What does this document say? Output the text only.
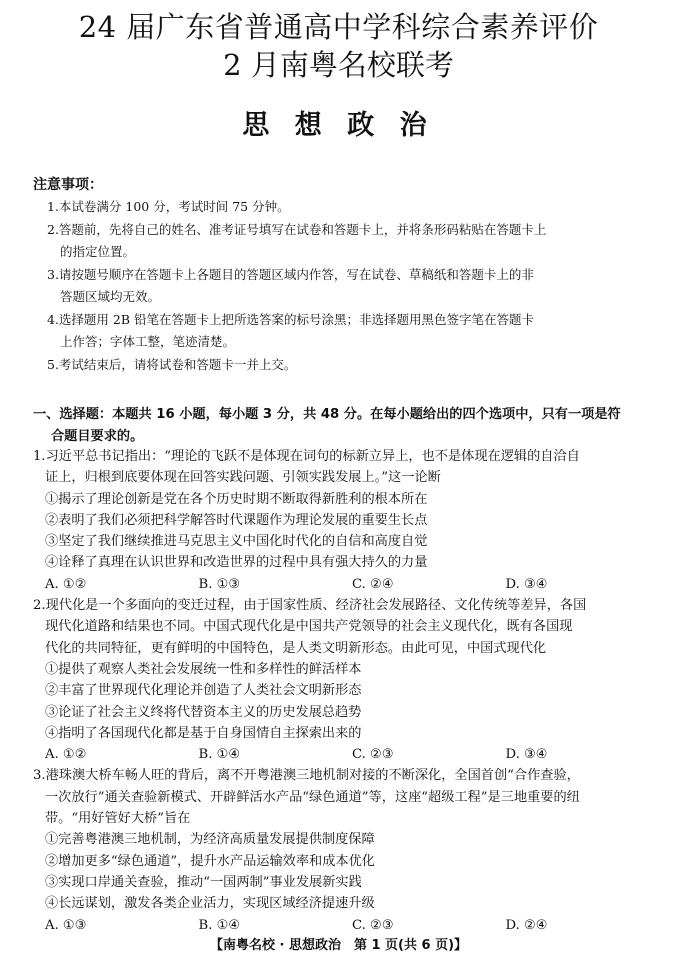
24 届广东省普通高中学科综合素养评价
2 月南粤名校联考
思 想 政 治
注意事项：
1.本试卷满分 100 分，考试时间 75 分钟。
2.答题前，先将自己的姓名、准考证号填写在试卷和答题卡上，并将条形码粘贴在答题卡上
的指定位置。
3.请按题号顺序在答题卡上各题目的答题区域内作答，写在试卷、草稿纸和答题卡上的非
答题区域均无效。
4.选择题用 2B 铅笔在答题卡上把所选答案的标号涂黑；非选择题用黑色签字笔在答题卡
上作答；字体工整，笔迹清楚。
5.考试结束后，请将试卷和答题卡一并上交。
一、选择题：本题共 16 小题，每小题 3 分，共 48 分。在每小题给出的四个选项中，只有一项是符
合题目要求的。
1.习近平总书记指出：“理论的飞跃不是体现在词句的标新立异上，也不是体现在逻辑的自洽自
证上，归根到底要体现在回答实践问题、引领实践发展上。”这一论断
①揭示了理论创新是党在各个历史时期不断取得新胜利的根本所在
②表明了我们必须把科学解答时代课题作为理论发展的重要生长点
③坚定了我们继续推进马克思主义中国化时代化的自信和高度自觉
④诠释了真理在认识世界和改造世界的过程中具有强大持久的力量
A. ①②	B. ①③	C. ②④	D. ③④
2.现代化是一个多面向的变迁过程，由于国家性质、经济社会发展路径、文化传统等差异，各国
现代化道路和结果也不同。中国式现代化是中国共产党领导的社会主义现代化，既有各国现
代化的共同特征，更有鲜明的中国特色，是人类文明新形态。由此可见，中国式现代化
①提供了观察人类社会发展统一性和多样性的鲜活样本
②丰富了世界现代化理论并创造了人类社会文明新形态
③论证了社会主义终将代替资本主义的历史发展总趋势
④指明了各国现代化都是基于自身国情自主探索出来的
A. ①②	B. ①④	C. ②③	D. ③④
3.港珠澳大桥车畅人旺的背后，离不开粤港澳三地机制对接的不断深化，全国首创“合作查验，
一次放行”通关查验新模式、开辟鲜活水产品“绿色通道”等，这座“超级工程”是三地重要的纽
带。“用好管好大桥”旨在
①完善粤港澳三地机制，为经济高质量发展提供制度保障
②增加更多“绿色通道”，提升水产品运输效率和成本优化
③实现口岸通关查验，推动“一国两制”事业发展新实践
④长远谋划，激发各类企业活力，实现区域经济提速升级
A. ①③	B. ①④	C. ②③	D. ②④
【南粤名校 · 思想政治　第 1 页(共 6 页)】
